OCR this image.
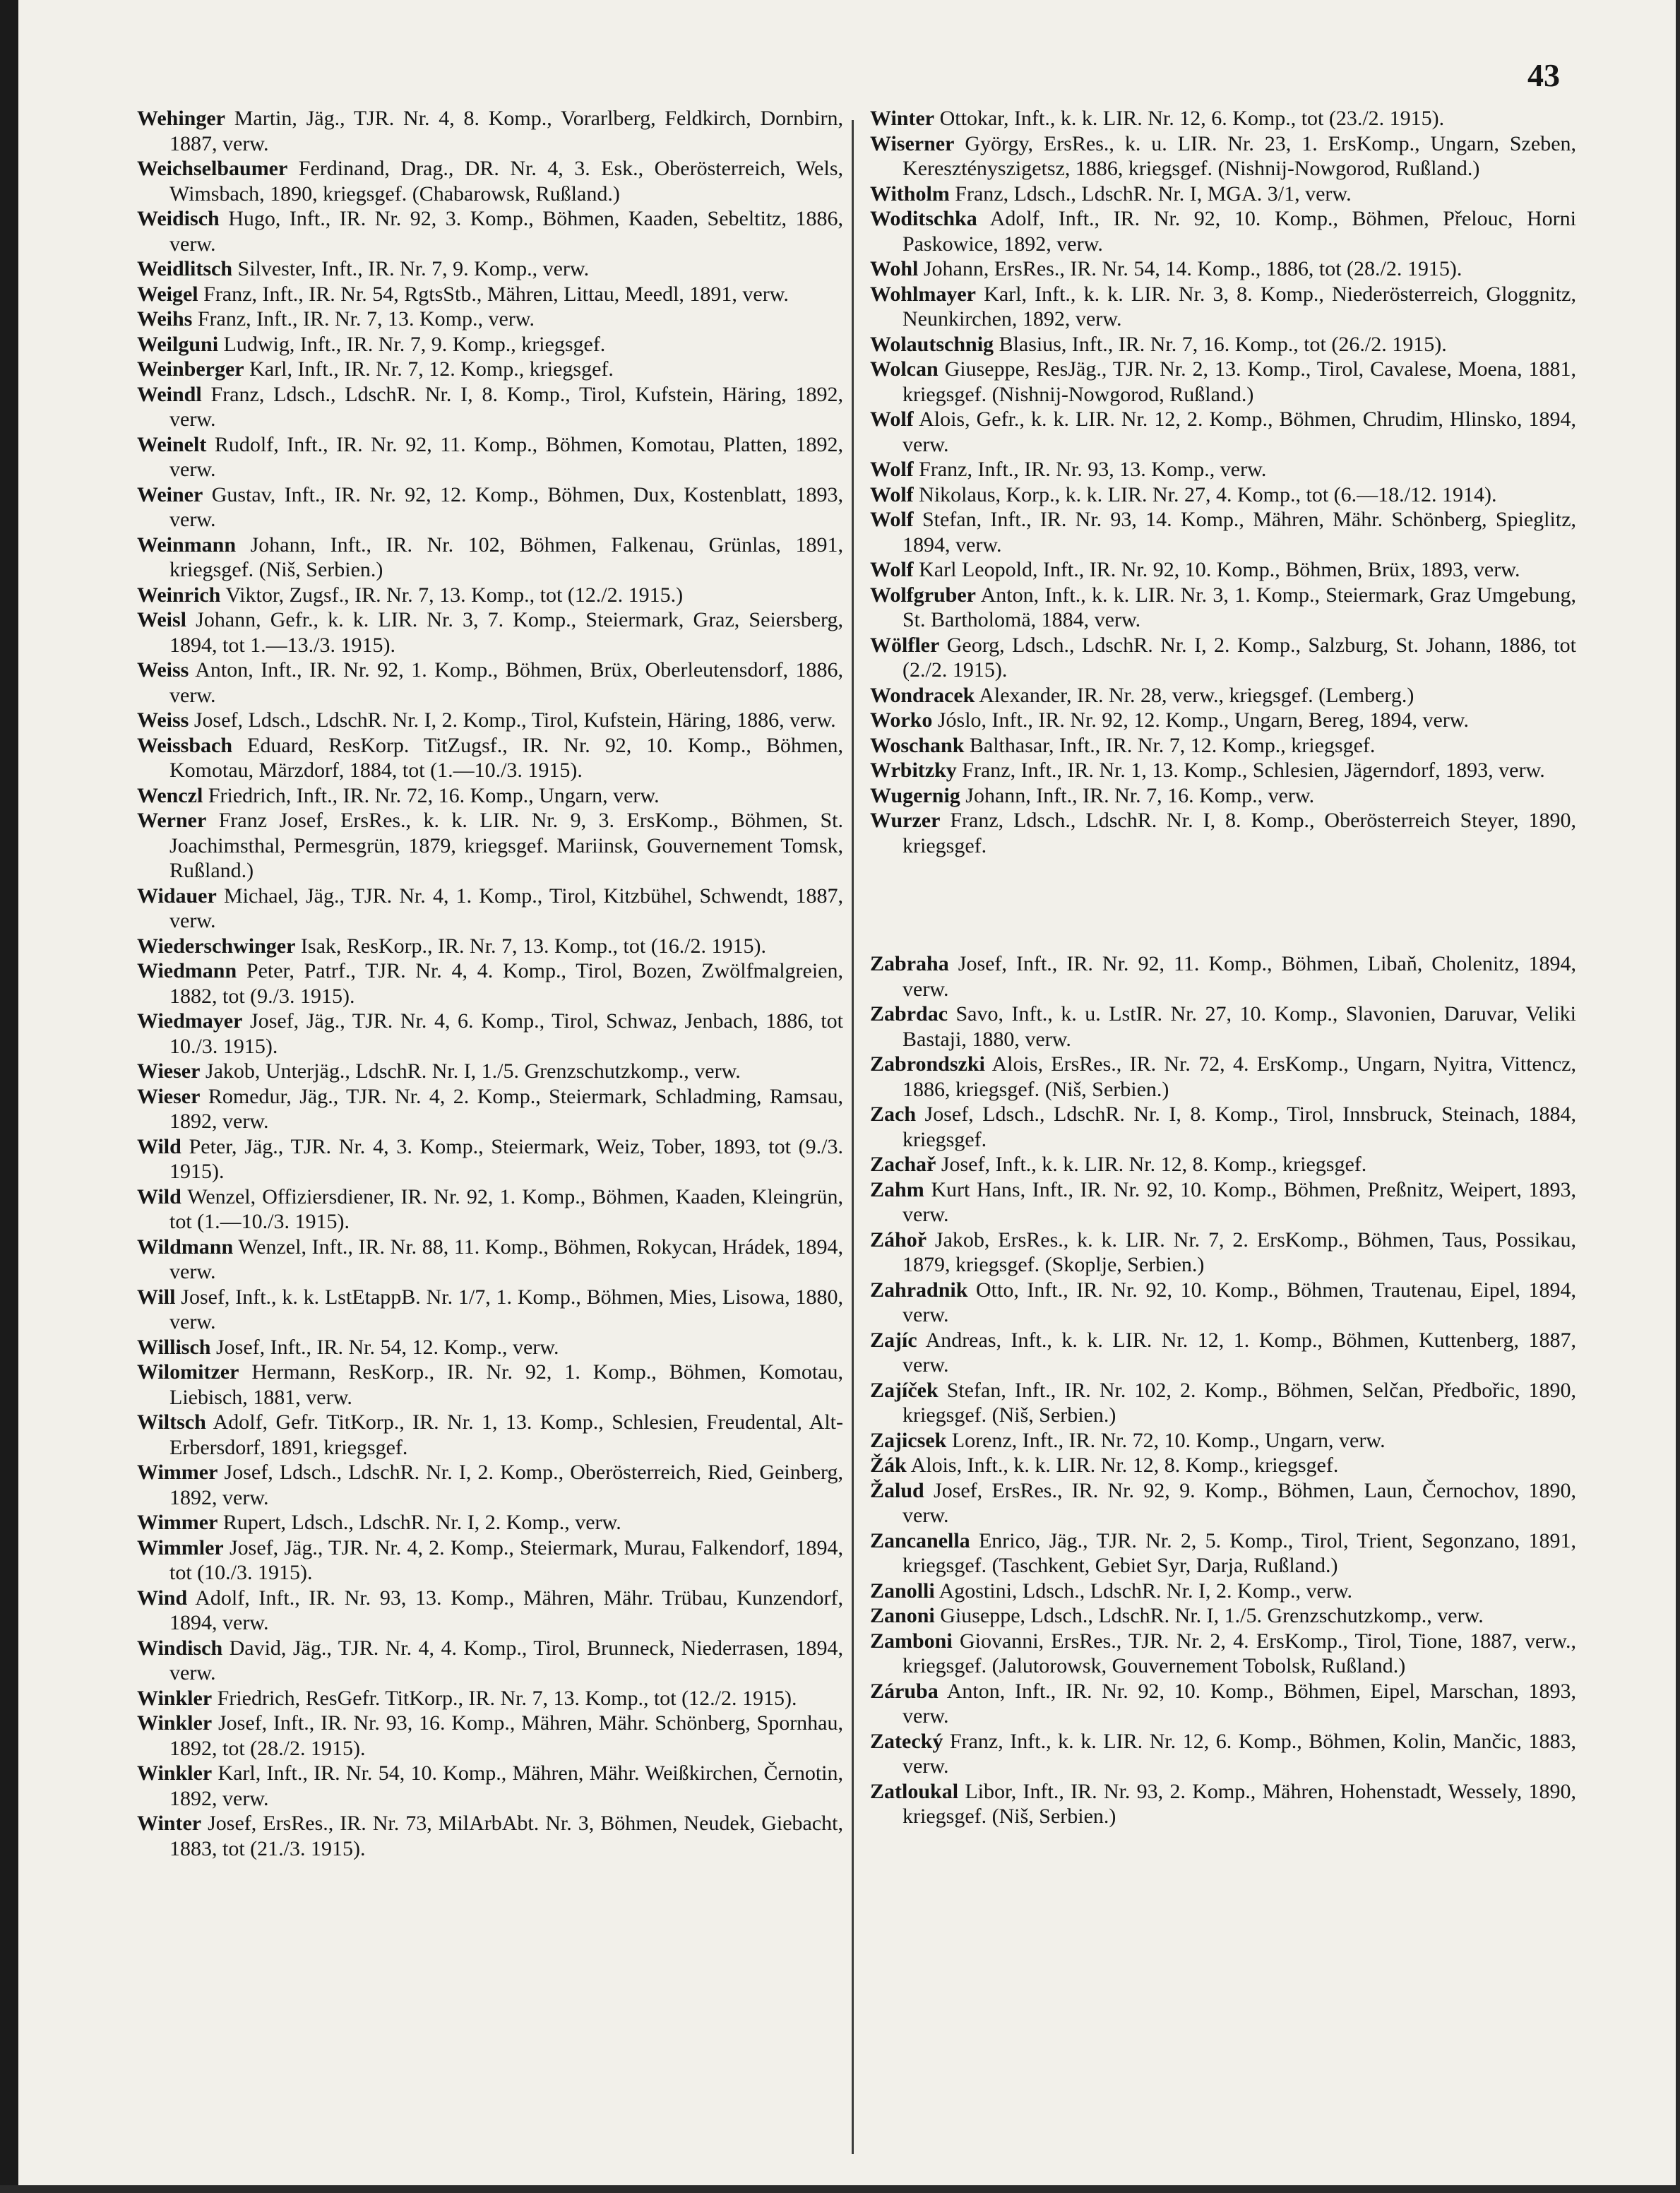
43

Wehinger Martin, Jäg., TJR. Nr. 4, 8. Komp., Vorarlberg, Feldkirch, Dornbirn, 1887, verw.

Weichselbaumer Ferdinand, Drag., DR. Nr. 4, 3. Esk., Oberösterreich, Wels, Wimsbach, 1890, kriegsgef. (Chabarowsk, Rußland.)

Weidisch Hugo, Inft., IR. Nr. 92, 3. Komp., Böhmen, Kaaden, Sebeltitz, 1886, verw.

Weidlitsch Silvester, Inft., IR. Nr. 7, 9. Komp., verw.

Weigel Franz, Inft., IR. Nr. 54, RgtsStb., Mähren, Littau, Meedl, 1891, verw.

Weihs Franz, Inft., IR. Nr. 7, 13. Komp., verw.

Weilguni Ludwig, Inft., IR. Nr. 7, 9. Komp., kriegsgef.

Weinberger Karl, Inft., IR. Nr. 7, 12. Komp., kriegsgef.

Weindl Franz, Ldsch., LdschR. Nr. I, 8. Komp., Tirol, Kufstein, Häring, 1892, verw.

Weinelt Rudolf, Inft., IR. Nr. 92, 11. Komp., Böhmen, Komotau, Platten, 1892, verw.

Weiner Gustav, Inft., IR. Nr. 92, 12. Komp., Böhmen, Dux, Kostenblatt, 1893, verw.

Weinmann Johann, Inft., IR. Nr. 102, Böhmen, Falkenau, Grünlas, 1891, kriegsgef. (Niš, Serbien.)

Weinrich Viktor, Zugsf., IR. Nr. 7, 13. Komp., tot (12./2. 1915.)

Weisl Johann, Gefr., k. k. LIR. Nr. 3, 7. Komp., Steiermark, Graz, Seiersberg, 1894, tot 1.—13./3. 1915).

Weiss Anton, Inft., IR. Nr. 92, 1. Komp., Böhmen, Brüx, Oberleutensdorf, 1886, verw.

Weiss Josef, Ldsch., LdschR. Nr. I, 2. Komp., Tirol, Kufstein, Häring, 1886, verw.

Weissbach Eduard, ResKorp. TitZugsf., IR. Nr. 92, 10. Komp., Böhmen, Komotau, Märzdorf, 1884, tot (1.—10./3. 1915).

Wenczl Friedrich, Inft., IR. Nr. 72, 16. Komp., Ungarn, verw.

Werner Franz Josef, ErsRes., k. k. LIR. Nr. 9, 3. ErsKomp., Böhmen, St. Joachimsthal, Permesgrün, 1879, kriegsgef. Mariinsk, Gouvernement Tomsk, Rußland.)

Widauer Michael, Jäg., TJR. Nr. 4, 1. Komp., Tirol, Kitzbühel, Schwendt, 1887, verw.

Wiederschwinger Isak, ResKorp., IR. Nr. 7, 13. Komp., tot (16./2. 1915).

Wiedmann Peter, Patrf., TJR. Nr. 4, 4. Komp., Tirol, Bozen, Zwölfmalgreien, 1882, tot (9./3. 1915).

Wiedmayer Josef, Jäg., TJR. Nr. 4, 6. Komp., Tirol, Schwaz, Jenbach, 1886, tot 10./3. 1915).

Wieser Jakob, Unterjäg., LdschR. Nr. I, 1./5. Grenzschutzkomp., verw.

Wieser Romedur, Jäg., TJR. Nr. 4, 2. Komp., Steiermark, Schladming, Ramsau, 1892, verw.

Wild Peter, Jäg., TJR. Nr. 4, 3. Komp., Steiermark, Weiz, Tober, 1893, tot (9./3. 1915).

Wild Wenzel, Offiziersdiener, IR. Nr. 92, 1. Komp., Böhmen, Kaaden, Kleingrün, tot (1.—10./3. 1915).

Wildmann Wenzel, Inft., IR. Nr. 88, 11. Komp., Böhmen, Rokycan, Hrádek, 1894, verw.

Will Josef, Inft., k. k. LstEtappB. Nr. 1/7, 1. Komp., Böhmen, Mies, Lisowa, 1880, verw.

Willisch Josef, Inft., IR. Nr. 54, 12. Komp., verw.

Wilomitzer Hermann, ResKorp., IR. Nr. 92, 1. Komp., Böhmen, Komotau, Liebisch, 1881, verw.

Wiltsch Adolf, Gefr. TitKorp., IR. Nr. 1, 13. Komp., Schlesien, Freudental, Alt-Erbersdorf, 1891, kriegsgef.

Wimmer Josef, Ldsch., LdschR. Nr. I, 2. Komp., Oberösterreich, Ried, Geinberg, 1892, verw.

Wimmer Rupert, Ldsch., LdschR. Nr. I, 2. Komp., verw.

Wimmler Josef, Jäg., TJR. Nr. 4, 2. Komp., Steiermark, Murau, Falkendorf, 1894, tot (10./3. 1915).

Wind Adolf, Inft., IR. Nr. 93, 13. Komp., Mähren, Mähr. Trübau, Kunzendorf, 1894, verw.

Windisch David, Jäg., TJR. Nr. 4, 4. Komp., Tirol, Brunneck, Niederrasen, 1894, verw.

Winkler Friedrich, ResGefr. TitKorp., IR. Nr. 7, 13. Komp., tot (12./2. 1915).

Winkler Josef, Inft., IR. Nr. 93, 16. Komp., Mähren, Mähr. Schönberg, Spornhau, 1892, tot (28./2. 1915).

Winkler Karl, Inft., IR. Nr. 54, 10. Komp., Mähren, Mähr. Weißkirchen, Černotin, 1892, verw.

Winter Josef, ErsRes., IR. Nr. 73, MilArbAbt. Nr. 3, Böhmen, Neudek, Giebacht, 1883, tot (21./3. 1915).

Winter Ottokar, Inft., k. k. LIR. Nr. 12, 6. Komp., tot (23./2. 1915).

Wiserner György, ErsRes., k. u. LIR. Nr. 23, 1. ErsKomp., Ungarn, Szeben, Keresztényszigetsz, 1886, kriegsgef. (Nishnij-Nowgorod, Rußland.)

Witholm Franz, Ldsch., LdschR. Nr. I, MGA. 3/1, verw.

Woditschka Adolf, Inft., IR. Nr. 92, 10. Komp., Böhmen, Přelouc, Horni Paskowice, 1892, verw.

Wohl Johann, ErsRes., IR. Nr. 54, 14. Komp., 1886, tot (28./2. 1915).

Wohlmayer Karl, Inft., k. k. LIR. Nr. 3, 8. Komp., Niederösterreich, Gloggnitz, Neunkirchen, 1892, verw.

Wolautschnig Blasius, Inft., IR. Nr. 7, 16. Komp., tot (26./2. 1915).

Wolcan Giuseppe, ResJäg., TJR. Nr. 2, 13. Komp., Tirol, Cavalese, Moena, 1881, kriegsgef. (Nishnij-Nowgorod, Rußland.)

Wolf Alois, Gefr., k. k. LIR. Nr. 12, 2. Komp., Böhmen, Chrudim, Hlinsko, 1894, verw.

Wolf Franz, Inft., IR. Nr. 93, 13. Komp., verw.

Wolf Nikolaus, Korp., k. k. LIR. Nr. 27, 4. Komp., tot (6.—18./12. 1914).

Wolf Stefan, Inft., IR. Nr. 93, 14. Komp., Mähren, Mähr. Schönberg, Spieglitz, 1894, verw.

Wolf Karl Leopold, Inft., IR. Nr. 92, 10. Komp., Böhmen, Brüx, 1893, verw.

Wolfgruber Anton, Inft., k. k. LIR. Nr. 3, 1. Komp., Steiermark, Graz Umgebung, St. Bartholomä, 1884, verw.

Wölfler Georg, Ldsch., LdschR. Nr. I, 2. Komp., Salzburg, St. Johann, 1886, tot (2./2. 1915).

Wondracek Alexander, IR. Nr. 28, verw., kriegsgef. (Lemberg.)

Worko Jóslo, Inft., IR. Nr. 92, 12. Komp., Ungarn, Bereg, 1894, verw.

Woschank Balthasar, Inft., IR. Nr. 7, 12. Komp., kriegsgef.

Wrbitzky Franz, Inft., IR. Nr. 1, 13. Komp., Schlesien, Jägerndorf, 1893, verw.

Wugernig Johann, Inft., IR. Nr. 7, 16. Komp., verw.

Wurzer Franz, Ldsch., LdschR. Nr. I, 8. Komp., Oberösterreich Steyer, 1890, kriegsgef.

Zabraha Josef, Inft., IR. Nr. 92, 11. Komp., Böhmen, Libaň, Cholenitz, 1894, verw.

Zabrdac Savo, Inft., k. u. LstIR. Nr. 27, 10. Komp., Slavonien, Daruvar, Veliki Bastaji, 1880, verw.

Zabrondszki Alois, ErsRes., IR. Nr. 72, 4. ErsKomp., Ungarn, Nyitra, Vittencz, 1886, kriegsgef. (Niš, Serbien.)

Zach Josef, Ldsch., LdschR. Nr. I, 8. Komp., Tirol, Innsbruck, Steinach, 1884, kriegsgef.

Zachař Josef, Inft., k. k. LIR. Nr. 12, 8. Komp., kriegsgef.

Zahm Kurt Hans, Inft., IR. Nr. 92, 10. Komp., Böhmen, Preßnitz, Weipert, 1893, verw.

Záhoř Jakob, ErsRes., k. k. LIR. Nr. 7, 2. ErsKomp., Böhmen, Taus, Possikau, 1879, kriegsgef. (Skoplje, Serbien.)

Zahradnik Otto, Inft., IR. Nr. 92, 10. Komp., Böhmen, Trautenau, Eipel, 1894, verw.

Zajíc Andreas, Inft., k. k. LIR. Nr. 12, 1. Komp., Böhmen, Kuttenberg, 1887, verw.

Zajíček Stefan, Inft., IR. Nr. 102, 2. Komp., Böhmen, Selčan, Předbořic, 1890, kriegsgef. (Niš, Serbien.)

Zajicsek Lorenz, Inft., IR. Nr. 72, 10. Komp., Ungarn, verw.

Žák Alois, Inft., k. k. LIR. Nr. 12, 8. Komp., kriegsgef.

Žalud Josef, ErsRes., IR. Nr. 92, 9. Komp., Böhmen, Laun, Černochov, 1890, verw.

Zancanella Enrico, Jäg., TJR. Nr. 2, 5. Komp., Tirol, Trient, Segonzano, 1891, kriegsgef. (Taschkent, Gebiet Syr, Darja, Rußland.)

Zanolli Agostini, Ldsch., LdschR. Nr. I, 2. Komp., verw.

Zanoni Giuseppe, Ldsch., LdschR. Nr. I, 1./5. Grenzschutzkomp., verw.

Zamboni Giovanni, ErsRes., TJR. Nr. 2, 4. ErsKomp., Tirol, Tione, 1887, verw., kriegsgef. (Jalutorowsk, Gouvernement Tobolsk, Rußland.)

Záruba Anton, Inft., IR. Nr. 92, 10. Komp., Böhmen, Eipel, Marschan, 1893, verw.

Zatecký Franz, Inft., k. k. LIR. Nr. 12, 6. Komp., Böhmen, Kolin, Mančic, 1883, verw.

Zatloukal Libor, Inft., IR. Nr. 93, 2. Komp., Mähren, Hohenstadt, Wessely, 1890, kriegsgef. (Niš, Serbien.)
